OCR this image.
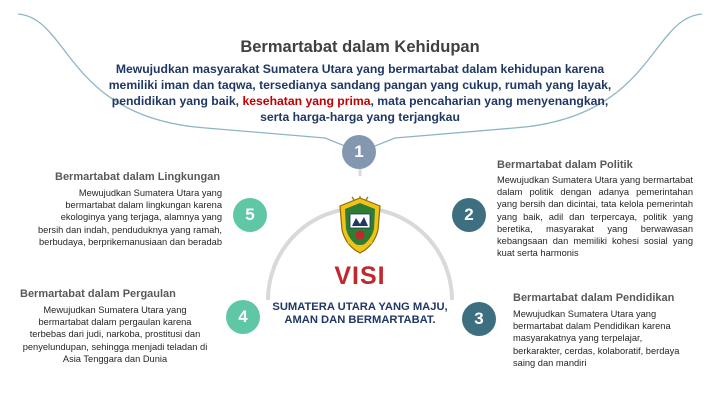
Bermartabat dalam Kehidupan
Mewujudkan masyarakat Sumatera Utara yang bermartabat dalam kehidupan karena memiliki iman dan taqwa, tersedianya sandang pangan yang cukup, rumah yang layak, pendidikan yang baik, kesehatan yang prima, mata pencaharian yang menyenangkan, serta harga-harga yang terjangkau
1
2
3
4
5
Bermartabat dalam Lingkungan
Mewujudkan Sumatera Utara yang bermartabat dalam lingkungan karena ekologinya yang terjaga, alamnya yang bersih dan indah, penduduknya yang ramah, berbudaya, berprikemanusiaan dan beradab
Bermartabat dalam Pergaulan
Mewujudkan Sumatera Utara yang bermartabat dalam pergaulan karena terbebas dari judi, narkoba, prostitusi dan penyelundupan, sehingga menjadi teladan di Asia Tenggara dan Dunia
Bermartabat dalam Politik
Mewujudkan Sumatera Utara yang bermartabat dalam politik dengan adanya pemerintahan yang bersih dan dicintai, tata kelola pemerintah yang baik, adil dan terpercaya, politik yang beretika, masyarakat yang berwawasan kebangsaan dan memiliki kohesi sosial yang kuat serta harmonis
Bermartabat dalam Pendidikan
Mewujudkan Sumatera Utara yang bermartabat dalam Pendidikan karena masyarakatnya yang terpelajar, berkarakter, cerdas, kolaboratif, berdaya saing dan mandiri
VISI
SUMATERA UTARA YANG MAJU, AMAN DAN BERMARTABAT.
